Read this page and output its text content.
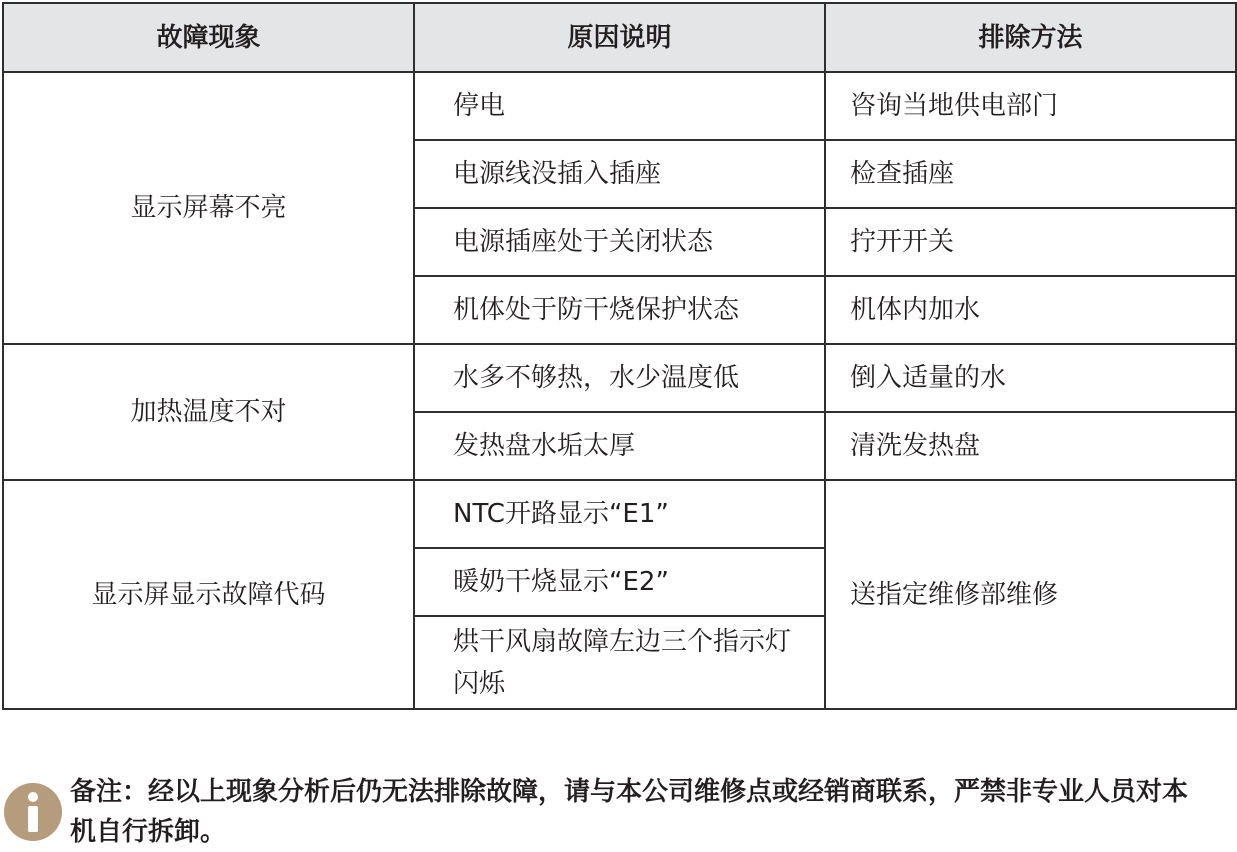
故障现象	原因说明	排除方法
显示屏幕不亮	停电	咨询当地供电部门
	电源线没插入插座	检查插座
	电源插座处于关闭状态	拧开开关
	机体处于防干烧保护状态	机体内加水
加热温度不对	水多不够热，水少温度低	倒入适量的水
	发热盘水垢太厚	清洗发热盘
显示屏显示故障代码	NTC开路显示“E1”	送指定维修部维修
	暖奶干烧显示“E2”	
	烘干风扇故障左边三个指示灯闪烁	
备注：经以上现象分析后仍无法排除故障，请与本公司维修点或经销商联系，严禁非专业人员对本机自行拆卸。
